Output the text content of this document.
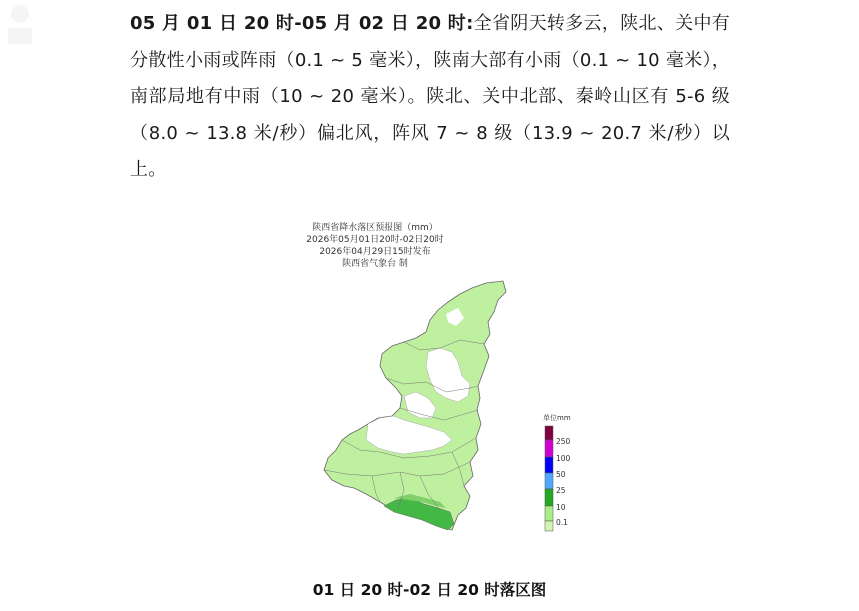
05 月 01 日 20 时-05 月 02 日 20 时:全省阴天转多云，陕北、关中有分散性小雨或阵雨（0.1 ~ 5 毫米），陕南大部有小雨（0.1 ~ 10 毫米），南部局地有中雨（10 ~ 20 毫米）。陕北、关中北部、秦岭山区有 5-6 级（8.0 ~ 13.8 米/秒）偏北风，阵风 7 ~ 8 级（13.9 ~ 20.7 米/秒）以上。

陕西省降水落区预报图（mm）
2026年05月01日20时-02日20时
2026年04月29日15时发布
陕西省气象台 制
单位mm
250
100
50
25
10
0.1
01 日 20 时-02 日 20 时落区图
